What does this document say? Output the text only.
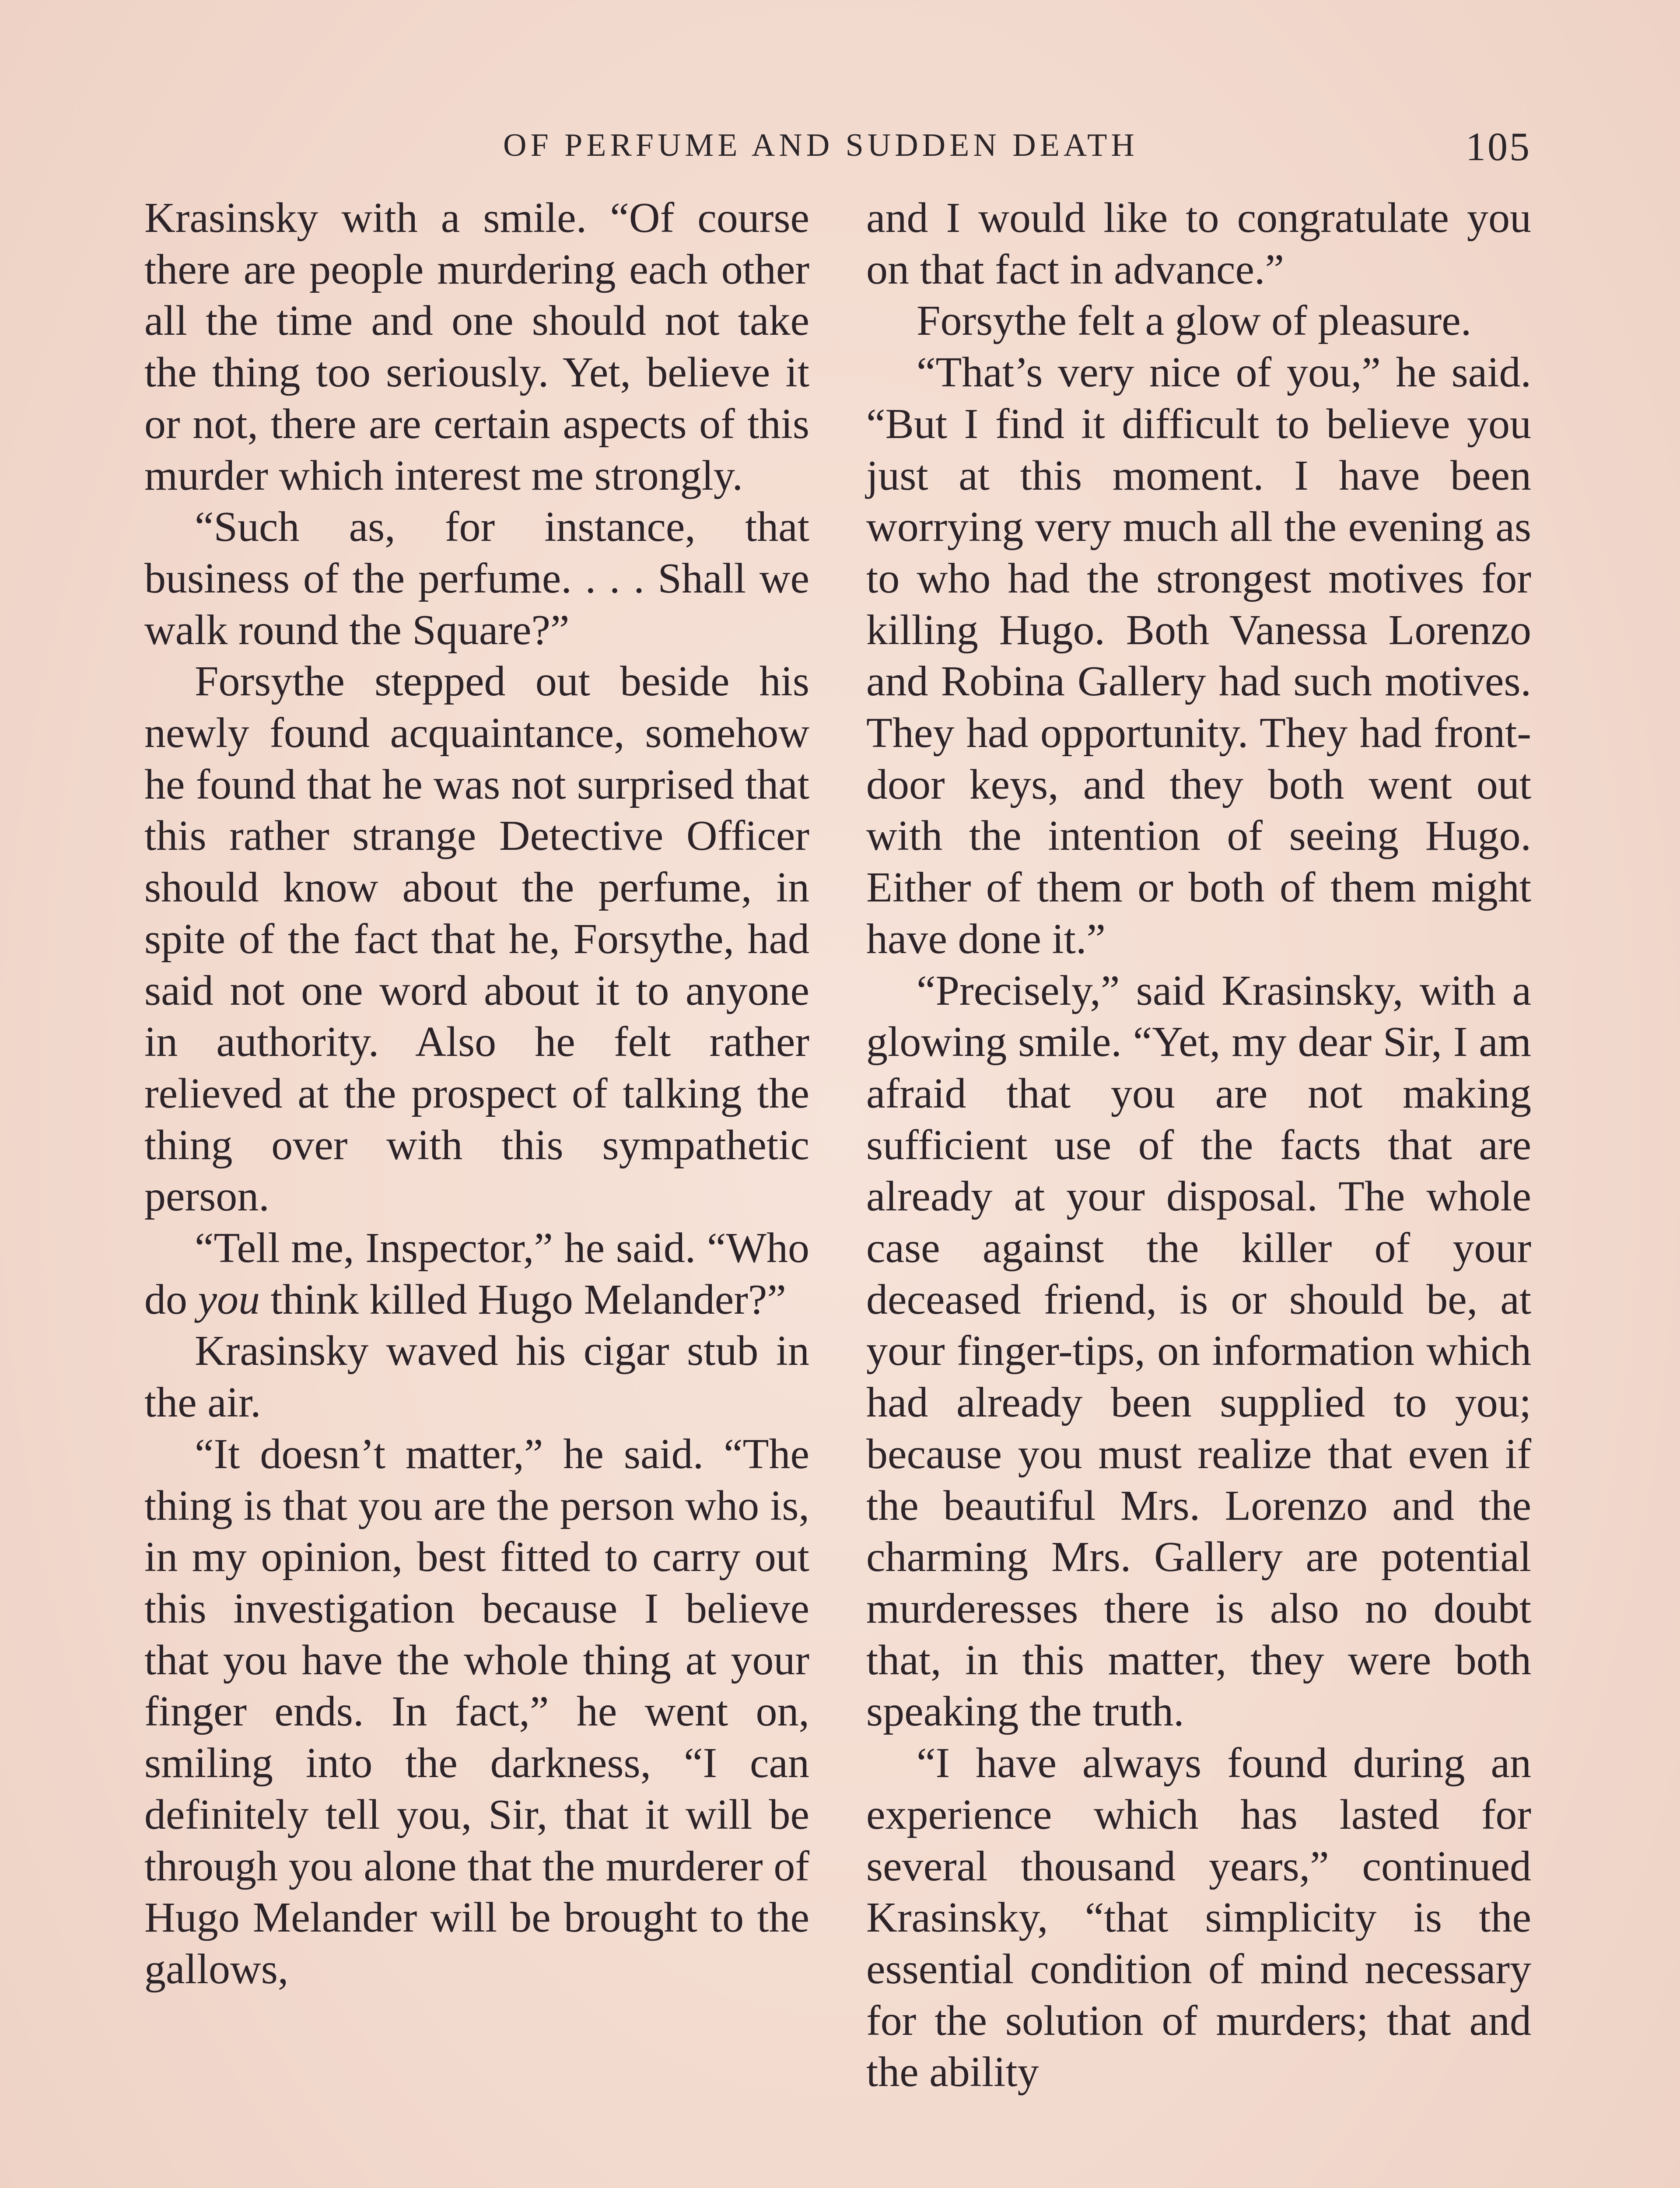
OF PERFUME AND SUDDEN DEATH	105

Krasinsky with a smile. “Of course there are people murdering each other all the time and one should not take the thing too seriously. Yet, believe it or not, there are certain aspects of this murder which interest me strongly.

“Such as, for instance, that business of the perfume. . . . Shall we walk round the Square?”

Forsythe stepped out beside his newly found acquaintance, somehow he found that he was not surprised that this rather strange Detective Officer should know about the perfume, in spite of the fact that he, Forsythe, had said not one word about it to anyone in authority. Also he felt rather relieved at the prospect of talking the thing over with this sympathetic person.

“Tell me, Inspector,” he said. “Who do you think killed Hugo Melander?”

Krasinsky waved his cigar stub in the air.

“It doesn’t matter,” he said. “The thing is that you are the person who is, in my opinion, best fitted to carry out this investigation because I believe that you have the whole thing at your finger ends. In fact,” he went on, smiling into the darkness, “I can definitely tell you, Sir, that it will be through you alone that the murderer of Hugo Melander will be brought to the gallows,

and I would like to congratulate you on that fact in advance.”

Forsythe felt a glow of pleasure.

“That’s very nice of you,” he said. “But I find it difficult to believe you just at this moment. I have been worrying very much all the evening as to who had the strongest motives for killing Hugo. Both Vanessa Lorenzo and Robina Gallery had such motives. They had opportunity. They had front-door keys, and they both went out with the intention of seeing Hugo. Either of them or both of them might have done it.”

“Precisely,” said Krasinsky, with a glowing smile. “Yet, my dear Sir, I am afraid that you are not making sufficient use of the facts that are already at your disposal. The whole case against the killer of your deceased friend, is or should be, at your finger-tips, on information which had already been supplied to you; because you must realize that even if the beautiful Mrs. Lorenzo and the charming Mrs. Gallery are potential murderesses there is also no doubt that, in this matter, they were both speaking the truth.

“I have always found during an experience which has lasted for several thousand years,” continued Krasinsky, “that simplicity is the essential condition of mind necessary for the solution of murders; that and the ability
